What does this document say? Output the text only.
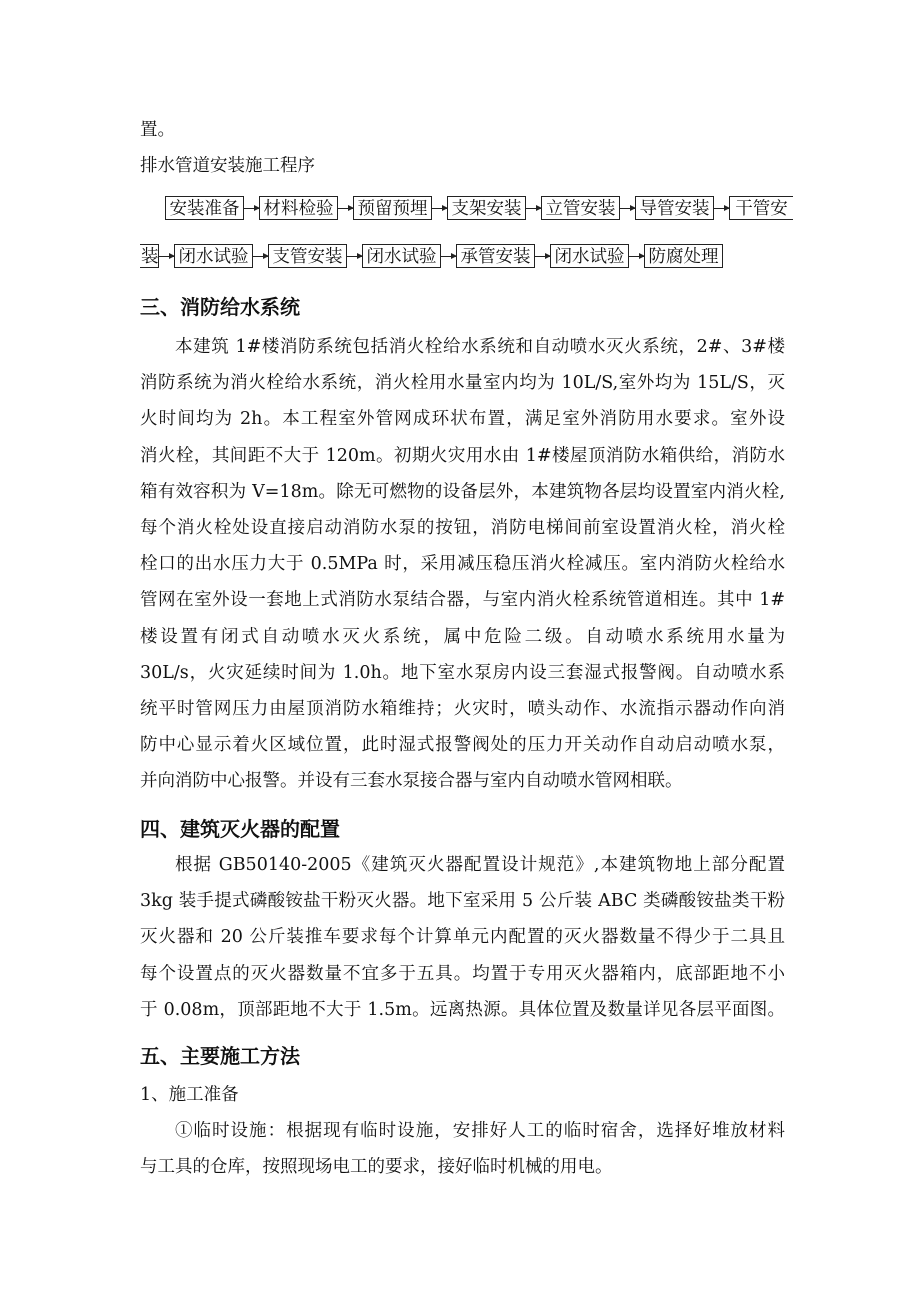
置。
排水管道安装施工程序
安装准备 材料检验 预留预埋 支架安装 立管安装 导管安装	干管安
装 闭水试验 支管安装 闭水试验 承管安装 闭水试验 防腐处理
三、消防给水系统
本建筑 1#楼消防系统包括消火栓给水系统和自动喷水灭火系统，2#、3#楼
消防系统为消火栓给水系统，消火栓用水量室内均为 10L/S,室外均为 15L/S，灭
火时间均为 2h。本工程室外管网成环状布置，满足室外消防用水要求。室外设
消火栓，其间距不大于 120m。初期火灾用水由 1#楼屋顶消防水箱供给，消防水
箱有效容积为 V=18m。除无可燃物的设备层外，本建筑物各层均设置室内消火栓,
每个消火栓处设直接启动消防水泵的按钮，消防电梯间前室设置消火栓，消火栓
栓口的出水压力大于 0.5MPa 时，采用减压稳压消火栓减压。室内消防火栓给水
管网在室外设一套地上式消防水泵结合器，与室内消火栓系统管道相连。其中 1#
楼设置有闭式自动喷水灭火系统，属中危险二级。自动喷水系统用水量为
30L/s，火灾延续时间为 1.0h。地下室水泵房内设三套湿式报警阀。自动喷水系
统平时管网压力由屋顶消防水箱维持；火灾时，喷头动作、水流指示器动作向消
防中心显示着火区域位置，此时湿式报警阀处的压力开关动作自动启动喷水泵，
并向消防中心报警。并设有三套水泵接合器与室内自动喷水管网相联。
四、建筑灭火器的配置
根据 GB50140-2005《建筑灭火器配置设计规范》,本建筑物地上部分配置
3kg 装手提式磷酸铵盐干粉灭火器。地下室采用 5 公斤装 ABC 类磷酸铵盐类干粉
灭火器和 20 公斤装推车要求每个计算单元内配置的灭火器数量不得少于二具且
每个设置点的灭火器数量不宜多于五具。均置于专用灭火器箱内，底部距地不小
于 0.08m，顶部距地不大于 1.5m。远离热源。具体位置及数量详见各层平面图。
五、主要施工方法
1、施工准备
①临时设施：根据现有临时设施，安排好人工的临时宿舍，选择好堆放材料
与工具的仓库，按照现场电工的要求，接好临时机械的用电。
